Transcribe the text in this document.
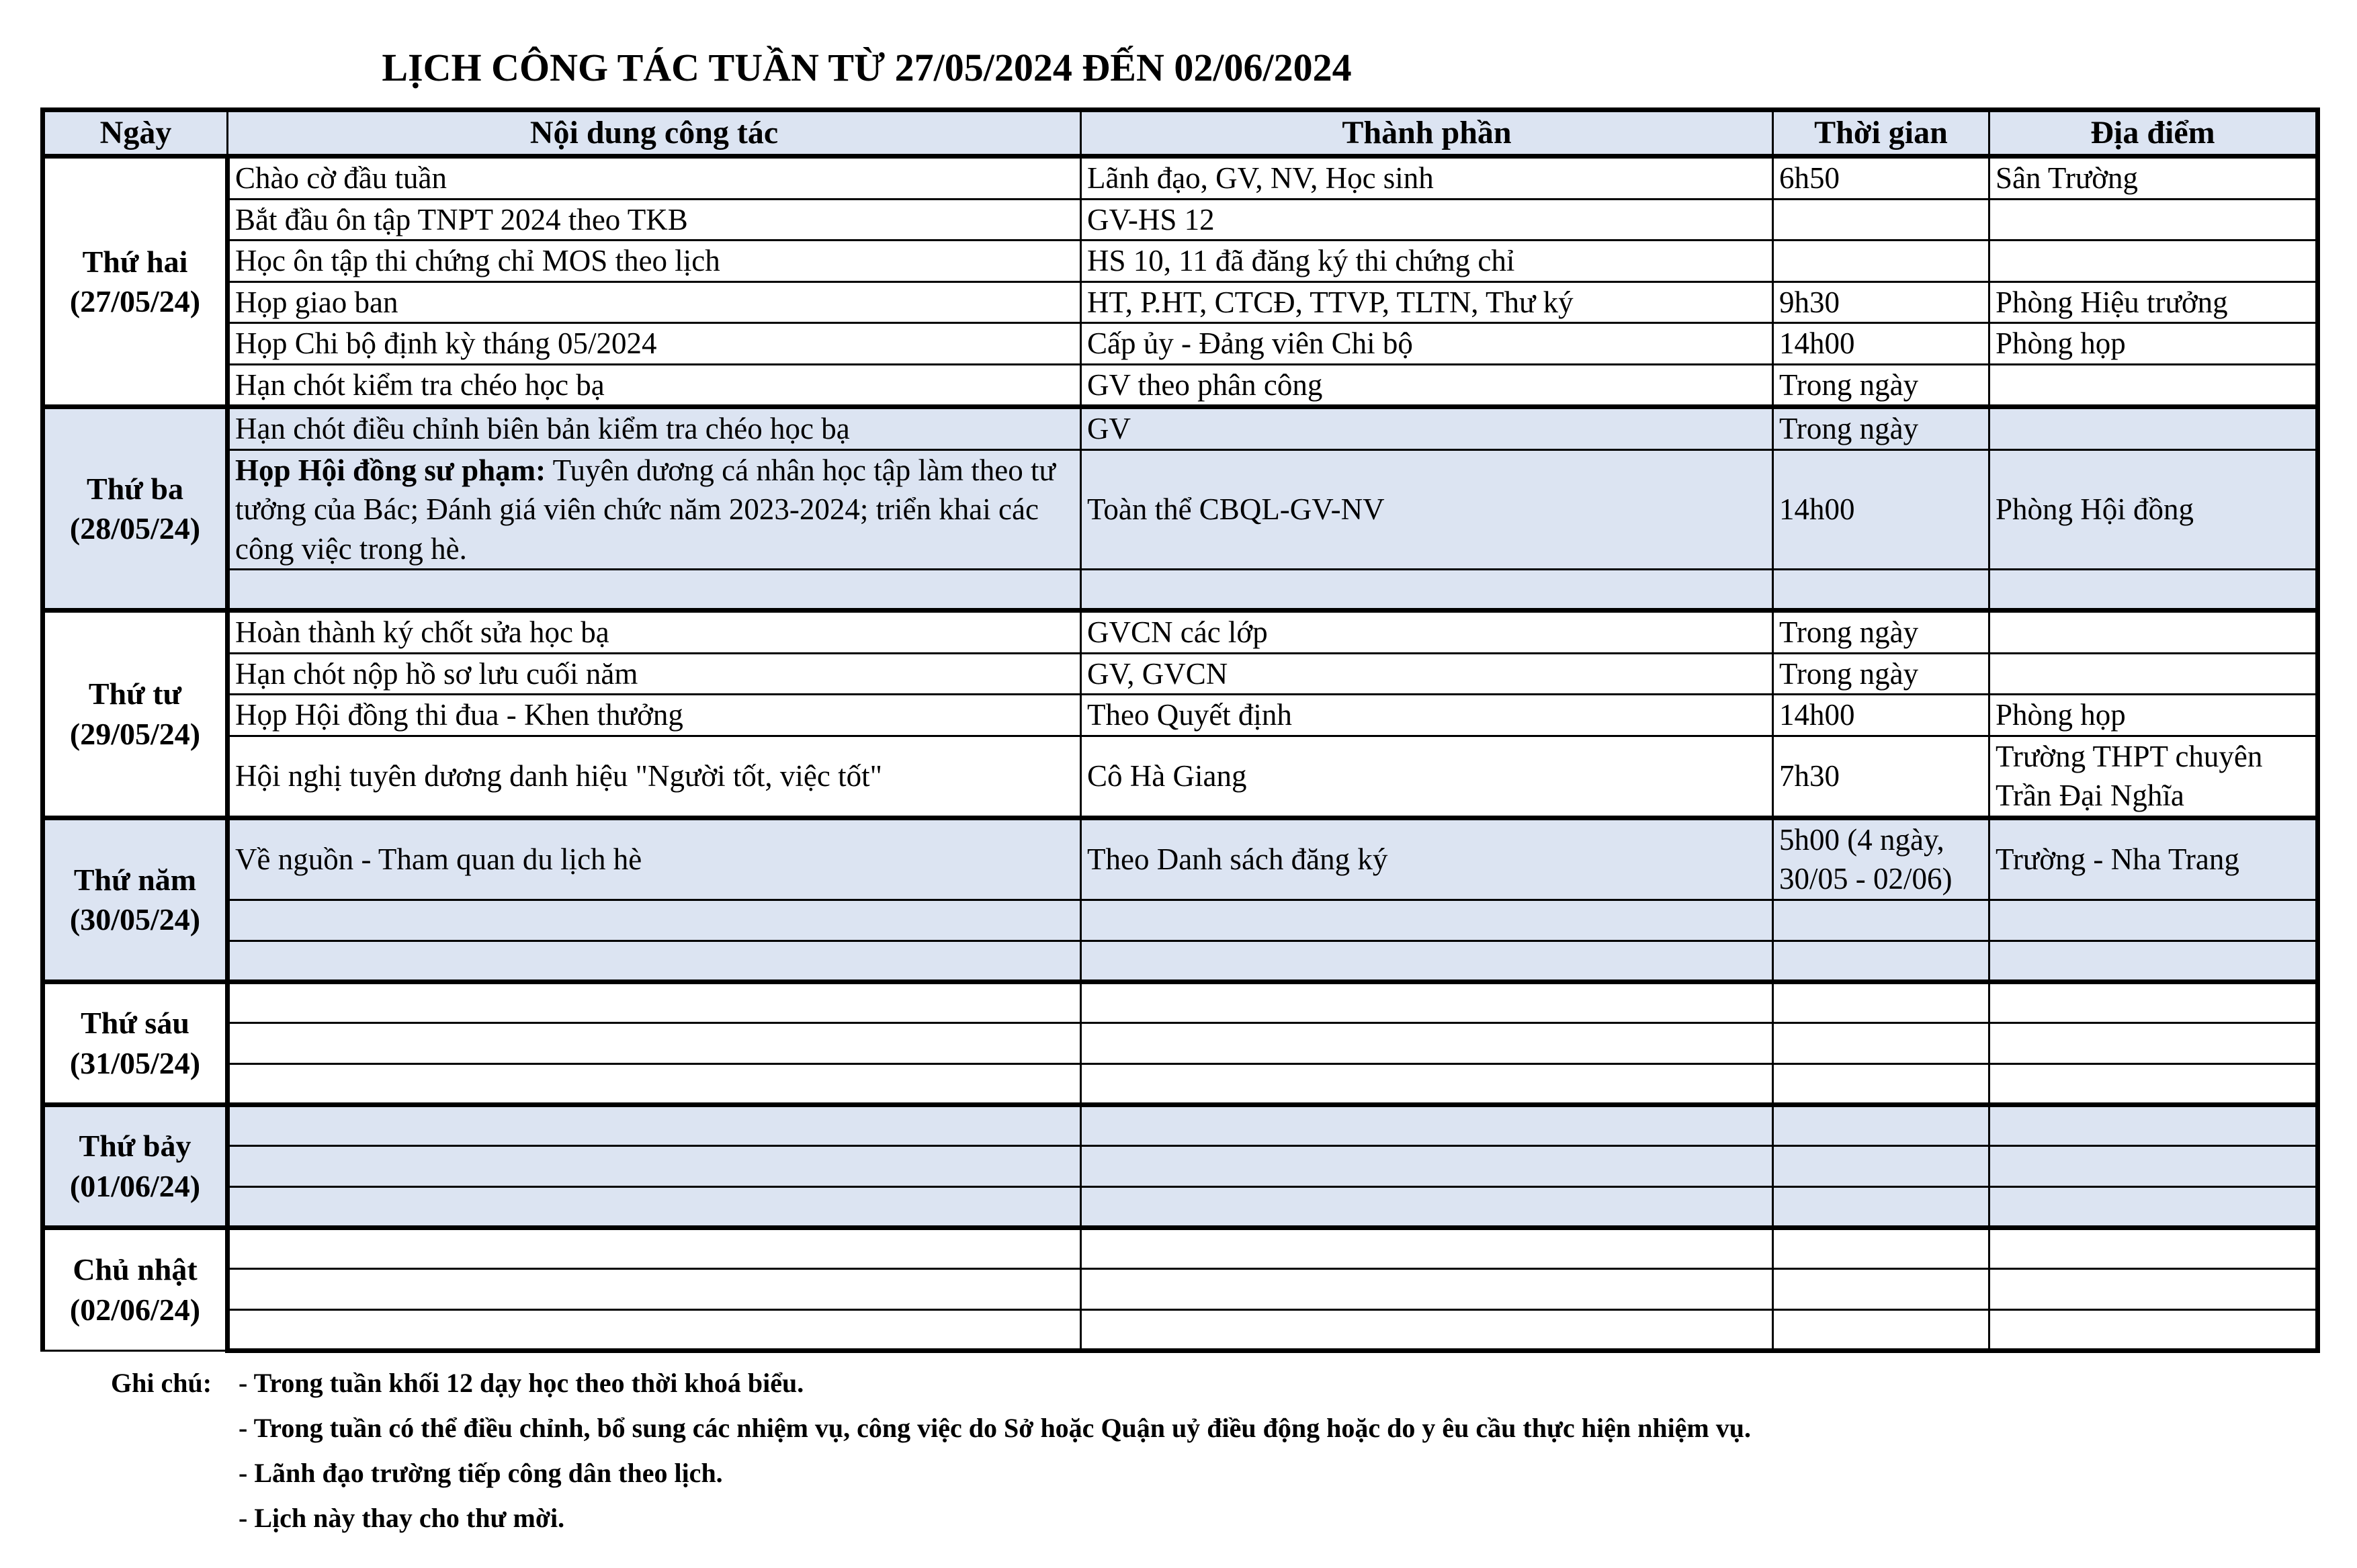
LỊCH CÔNG TÁC TUẦN TỪ 27/05/2024 ĐẾN 02/06/2024
Ngày	Nội dung công tác	Thành phần	Thời gian	Địa điểm

Thứ hai
(27/05/24)	Chào cờ đầu tuần	Lãnh đạo, GV, NV, Học sinh	6h50	Sân Trường
	Bắt đầu ôn tập TNPT 2024 theo TKB	GV-HS 12		
	Học ôn tập thi chứng chỉ MOS theo lịch	HS 10, 11 đã đăng ký thi chứng chỉ		
	Họp giao ban	HT, P.HT, CTCĐ, TTVP, TLTN, Thư ký	9h30	Phòng Hiệu trưởng
	Họp Chi bộ định kỳ tháng 05/2024	Cấp ủy - Đảng viên Chi bộ	14h00	Phòng họp
	Hạn chót kiểm tra chéo học bạ	GV theo phân công	Trong ngày	

Thứ ba
(28/05/24)	Hạn chót điều chỉnh biên bản kiểm tra chéo học bạ	GV	Trong ngày	
	Họp Hội đồng sư phạm: Tuyên dương cá nhân học tập làm theo tư tưởng của Bác; Đánh giá viên chức năm 2023-2024; triển khai các công việc trong hè.	Toàn thể CBQL-GV-NV	14h00	Phòng Hội đồng

Thứ tư
(29/05/24)	Hoàn thành ký chốt sửa học bạ	GVCN các lớp	Trong ngày	
	Hạn chót nộp hồ sơ lưu cuối năm	GV, GVCN	Trong ngày	
	Họp Hội đồng thi đua - Khen thưởng	Theo Quyết định	14h00	Phòng họp
	Hội nghị tuyên dương danh hiệu "Người tốt, việc tốt"	Cô Hà Giang	7h30	Trường THPT chuyên Trần Đại Nghĩa

Thứ năm
(30/05/24)	Về nguồn - Tham quan du lịch hè	Theo Danh sách đăng ký	5h00 (4 ngày, 30/05 - 02/06)	Trường - Nha Trang

Thứ sáu
(31/05/24)				

Thứ bảy
(01/06/24)				

Chủ nhật
(02/06/24)				

Ghi chú: - Trong tuần khối 12 dạy học theo thời khoá biểu.
- Trong tuần có thể điều chỉnh, bổ sung các nhiệm vụ, công việc do Sở hoặc Quận uỷ điều động hoặc do y êu cầu thực hiện nhiệm vụ.
- Lãnh đạo trường tiếp công dân theo lịch.
- Lịch này thay cho thư mời.
